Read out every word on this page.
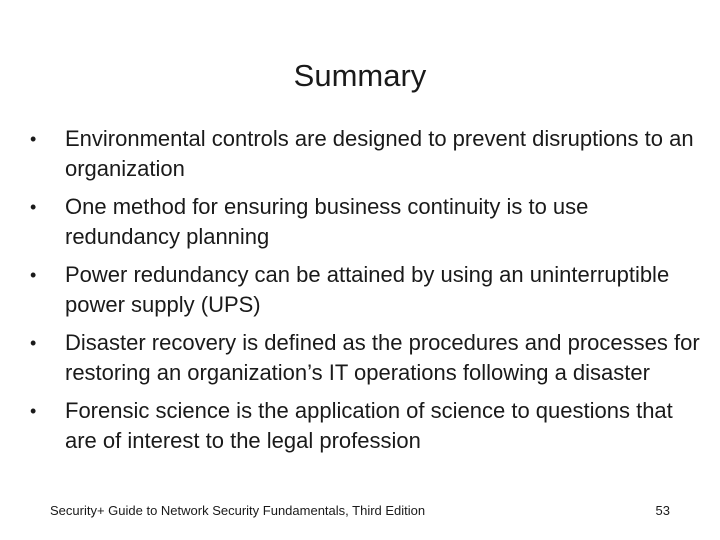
Summary
• Environmental controls are designed to prevent disruptions to an organization
• One method for ensuring business continuity is to use redundancy planning
• Power redundancy can be attained by using an uninterruptible power supply (UPS)
• Disaster recovery is defined as the procedures and processes for restoring an organization’s IT operations following a disaster
• Forensic science is the application of science to questions that are of interest to the legal profession
Security+ Guide to Network Security Fundamentals, Third Edition	53
